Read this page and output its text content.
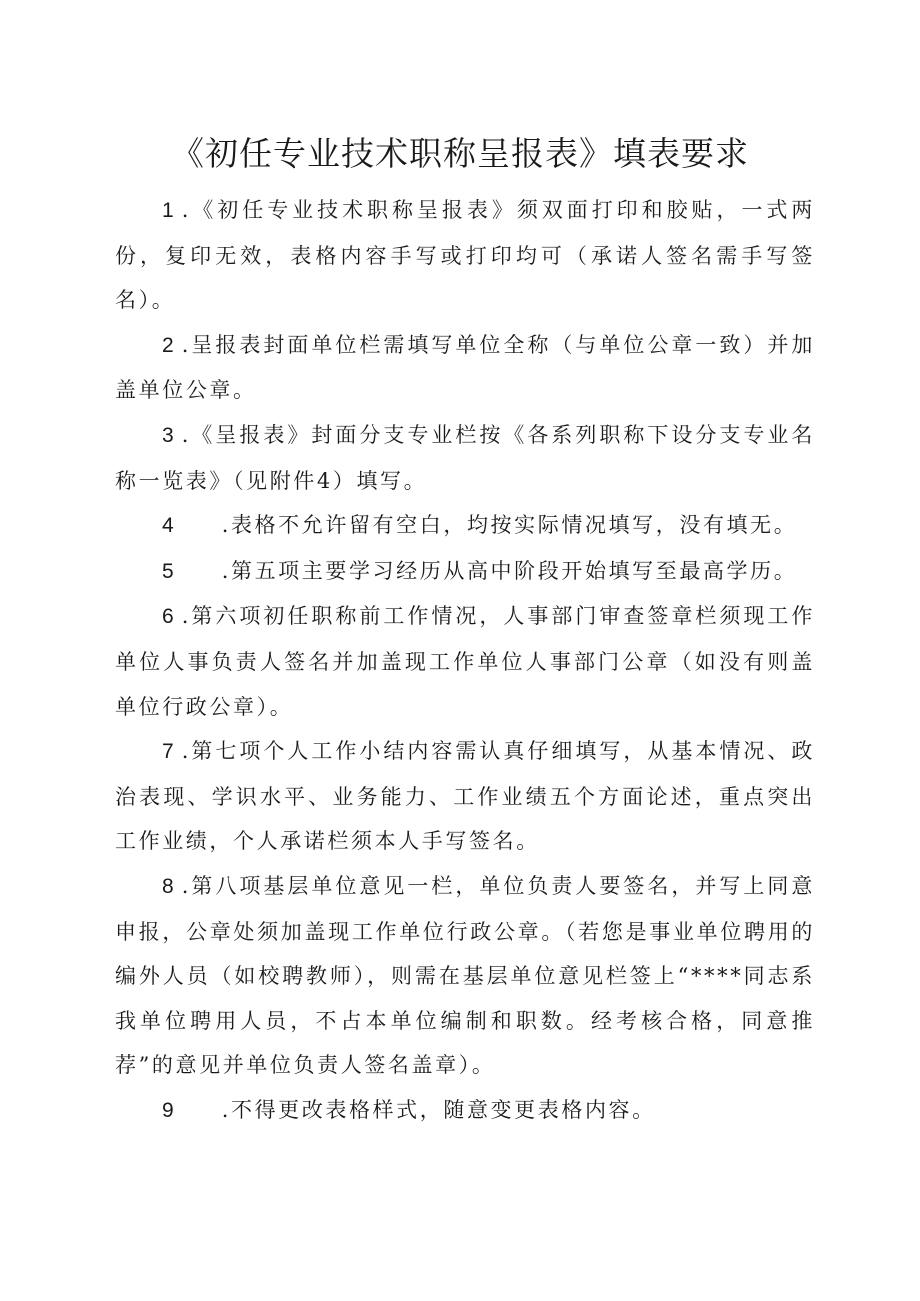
《初任专业技术职称呈报表》填表要求

1 .《初任专业技术职称呈报表》须双面打印和胶贴，一式两份，复印无效，表格内容手写或打印均可（承诺人签名需手写签名）。

2 .呈报表封面单位栏需填写单位全称（与单位公章一致）并加盖单位公章。

3 .《呈报表》封面分支专业栏按《各系列职称下设分支专业名称一览表》（见附件4）填写。

4 .表格不允许留有空白，均按实际情况填写，没有填无。

5 .第五项主要学习经历从高中阶段开始填写至最高学历。

6 .第六项初任职称前工作情况，人事部门审查签章栏须现工作单位人事负责人签名并加盖现工作单位人事部门公章（如没有则盖单位行政公章）。

7 .第七项个人工作小结内容需认真仔细填写，从基本情况、政治表现、学识水平、业务能力、工作业绩五个方面论述，重点突出工作业绩，个人承诺栏须本人手写签名。

8 .第八项基层单位意见一栏，单位负责人要签名，并写上同意申报，公章处须加盖现工作单位行政公章。（若您是事业单位聘用的编外人员（如校聘教师），则需在基层单位意见栏签上“****同志系我单位聘用人员，不占本单位编制和职数。经考核合格，同意推荐”的意见并单位负责人签名盖章）。

9 .不得更改表格样式，随意变更表格内容。
